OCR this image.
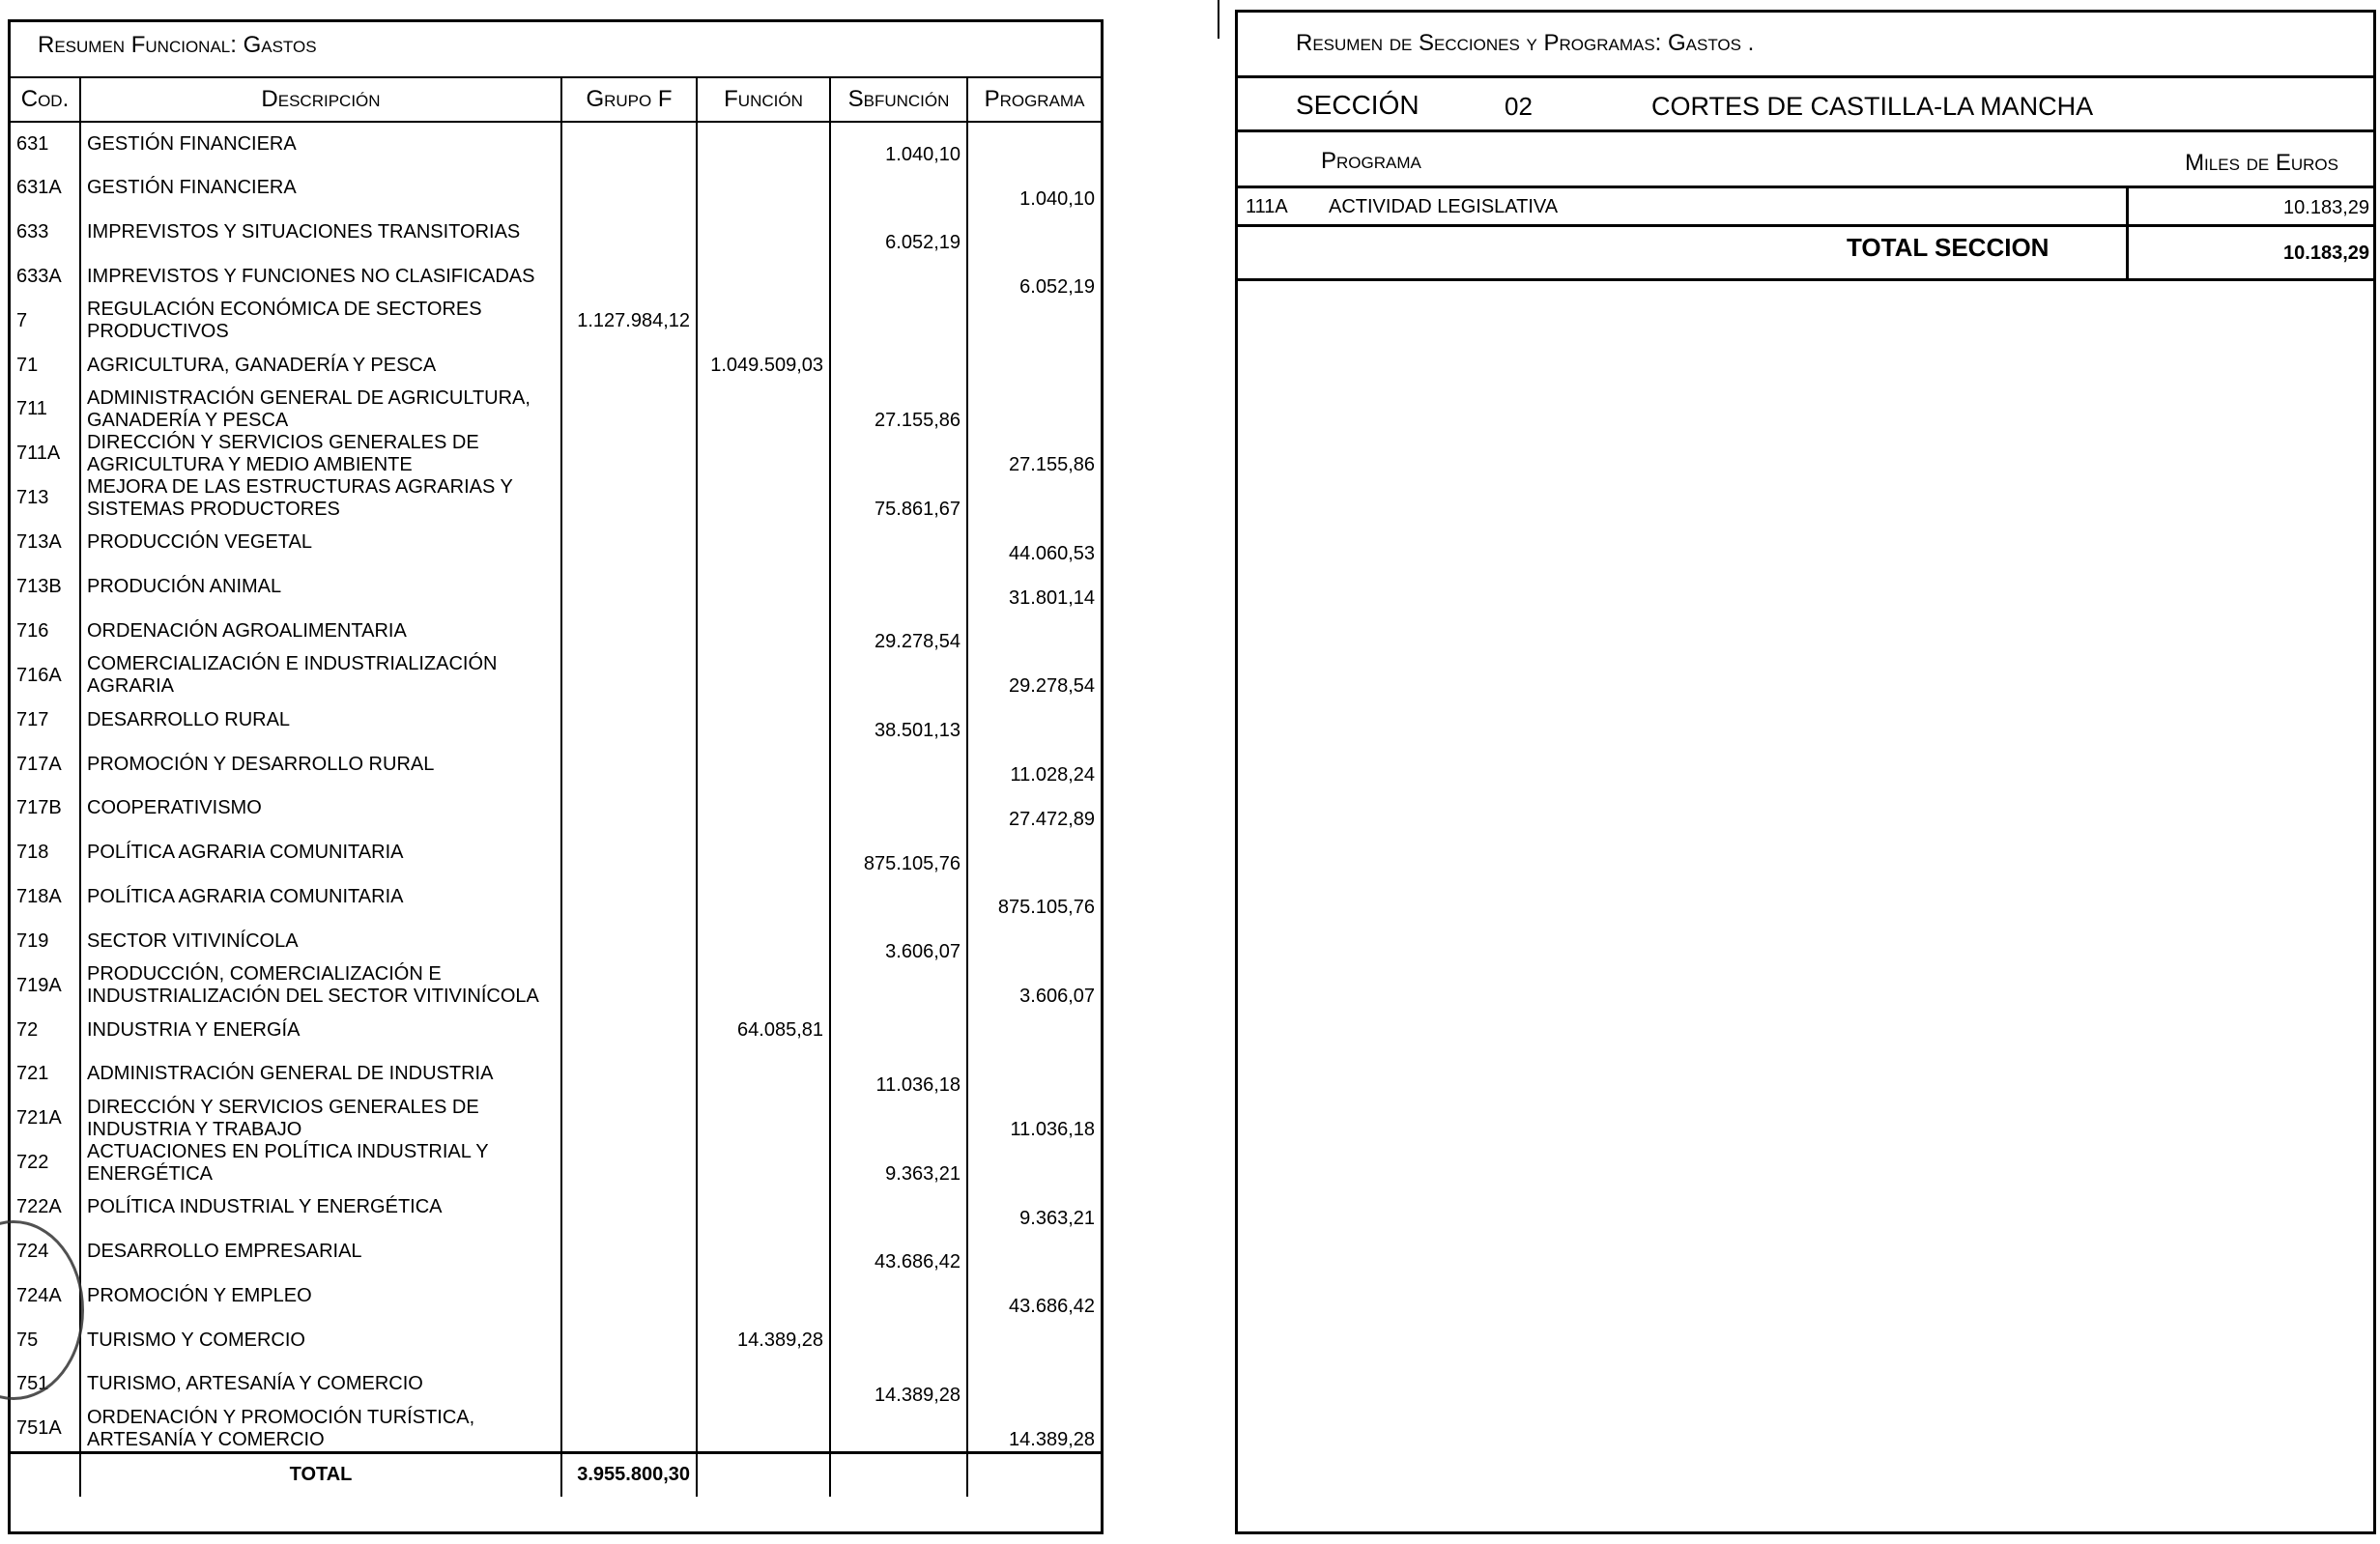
Resumen Funcional: Gastos
Cod.	Descripción	Grupo F	Función	Sbfunción	Programa
631	GESTIÓN FINANCIERA			1.040,10	
631A	GESTIÓN FINANCIERA				1.040,10
633	IMPREVISTOS Y SITUACIONES TRANSITORIAS			6.052,19	
633A	IMPREVISTOS Y FUNCIONES NO CLASIFICADAS				6.052,19
7	REGULACIÓN ECONÓMICA DE SECTORES PRODUCTIVOS	1.127.984,12			
71	AGRICULTURA, GANADERÍA Y PESCA		1.049.509,03		
711	ADMINISTRACIÓN GENERAL DE AGRICULTURA, GANADERÍA Y PESCA			27.155,86	
711A	DIRECCIÓN Y SERVICIOS GENERALES DE AGRICULTURA Y MEDIO AMBIENTE				27.155,86
713	MEJORA DE LAS ESTRUCTURAS AGRARIAS Y SISTEMAS PRODUCTORES			75.861,67	
713A	PRODUCCIÓN VEGETAL				44.060,53
713B	PRODUCIÓN ANIMAL				31.801,14
716	ORDENACIÓN AGROALIMENTARIA			29.278,54	
716A	COMERCIALIZACIÓN E INDUSTRIALIZACIÓN AGRARIA				29.278,54
717	DESARROLLO RURAL			38.501,13	
717A	PROMOCIÓN Y DESARROLLO RURAL				11.028,24
717B	COOPERATIVISMO				27.472,89
718	POLÍTICA AGRARIA COMUNITARIA			875.105,76	
718A	POLÍTICA AGRARIA COMUNITARIA				875.105,76
719	SECTOR VITIVINÍCOLA			3.606,07	
719A	PRODUCCIÓN, COMERCIALIZACIÓN E INDUSTRIALIZACIÓN DEL SECTOR VITIVINÍCOLA				3.606,07
72	INDUSTRIA Y ENERGÍA		64.085,81		
721	ADMINISTRACIÓN GENERAL DE INDUSTRIA			11.036,18	
721A	DIRECCIÓN Y SERVICIOS GENERALES DE INDUSTRIA Y TRABAJO				11.036,18
722	ACTUACIONES EN POLÍTICA INDUSTRIAL Y ENERGÉTICA			9.363,21	
722A	POLÍTICA INDUSTRIAL Y ENERGÉTICA				9.363,21
724	DESARROLLO EMPRESARIAL			43.686,42	
724A	PROMOCIÓN Y EMPLEO				43.686,42
75	TURISMO Y COMERCIO		14.389,28		
751	TURISMO, ARTESANÍA Y COMERCIO			14.389,28	
751A	ORDENACIÓN Y PROMOCIÓN TURÍSTICA, ARTESANÍA Y COMERCIO				14.389,28
	TOTAL	3.955.800,30			
Resumen de Secciones y Programas: Gastos .
SECCIÓN	02	CORTES DE CASTILLA-LA MANCHA
Programa	Miles de Euros
111A ACTIVIDAD LEGISLATIVA	10.183,29
TOTAL SECCION	10.183,29
